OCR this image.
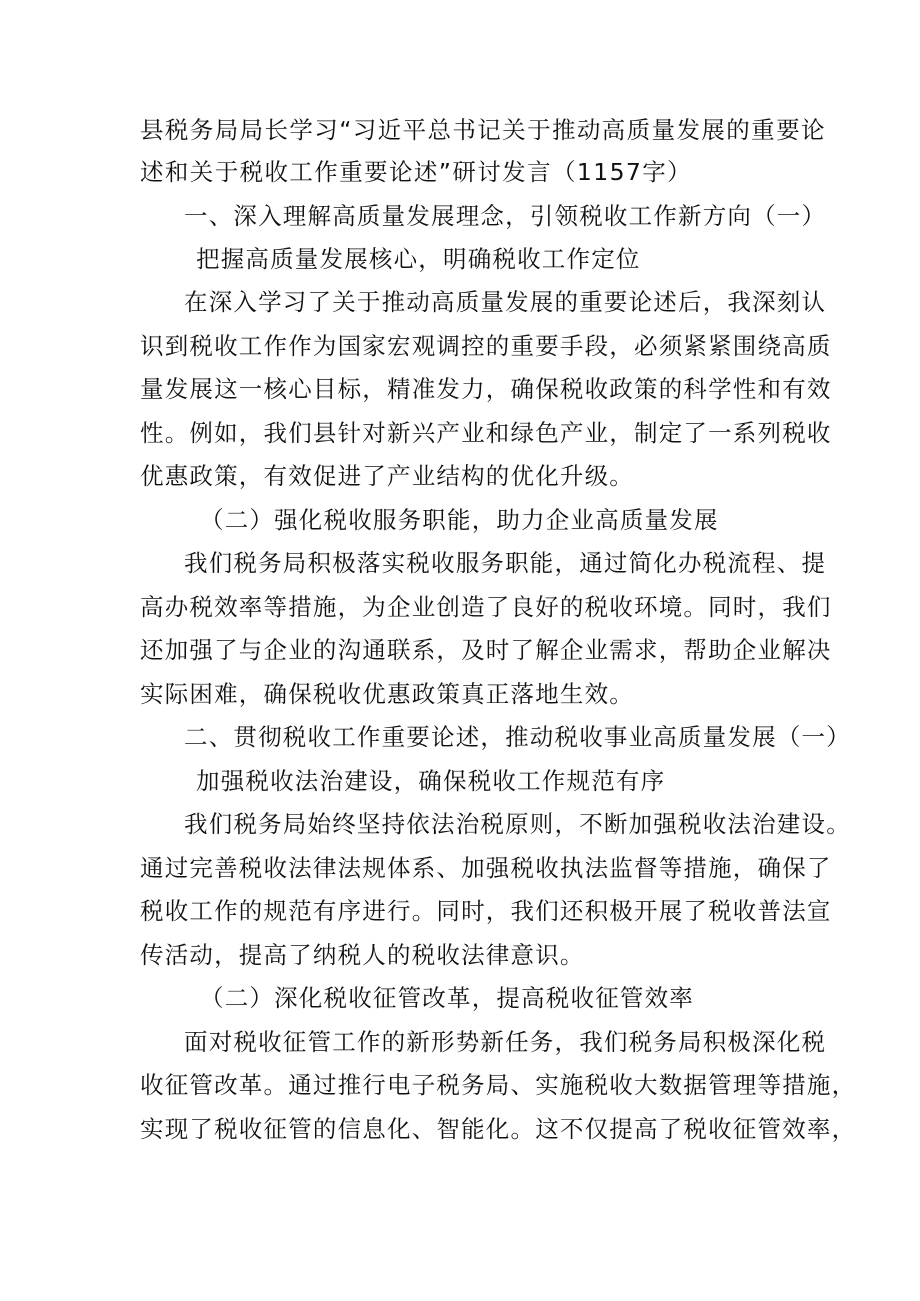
县税务局局长学习“习近平总书记关于推动高质量发展的重要论
述和关于税收工作重要论述”研讨发言（1157字）
一、深入理解高质量发展理念，引领税收工作新方向（一）
把握高质量发展核心，明确税收工作定位
在深入学习了关于推动高质量发展的重要论述后，我深刻认
识到税收工作作为国家宏观调控的重要手段，必须紧紧围绕高质
量发展这一核心目标，精准发力，确保税收政策的科学性和有效
性。例如，我们县针对新兴产业和绿色产业，制定了一系列税收
优惠政策，有效促进了产业结构的优化升级。
（二）强化税收服务职能，助力企业高质量发展
我们税务局积极落实税收服务职能，通过简化办税流程、提
高办税效率等措施，为企业创造了良好的税收环境。同时，我们
还加强了与企业的沟通联系，及时了解企业需求，帮助企业解决
实际困难，确保税收优惠政策真正落地生效。
二、贯彻税收工作重要论述，推动税收事业高质量发展（一）
加强税收法治建设，确保税收工作规范有序
我们税务局始终坚持依法治税原则，不断加强税收法治建设。
通过完善税收法律法规体系、加强税收执法监督等措施，确保了
税收工作的规范有序进行。同时，我们还积极开展了税收普法宣
传活动，提高了纳税人的税收法律意识。
（二）深化税收征管改革，提高税收征管效率
面对税收征管工作的新形势新任务，我们税务局积极深化税
收征管改革。通过推行电子税务局、实施税收大数据管理等措施，
实现了税收征管的信息化、智能化。这不仅提高了税收征管效率，
